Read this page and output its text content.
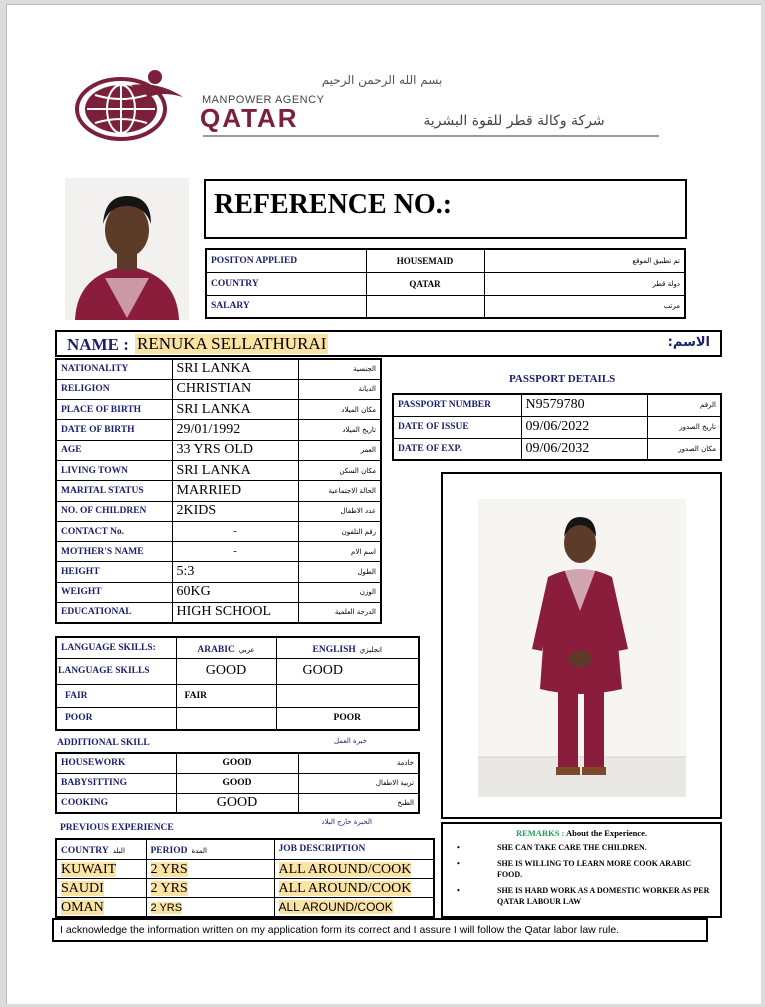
بسم الله الرحمن الرحيم
MANPOWER AGENCY
QATAR	شركة وكالة قطر للقوة البشرية
REFERENCE NO.:
POSITON APPLIED	HOUSEMAID	تم تطبيق الموقع
COUNTRY	QATAR	دولة قطر
SALARY		مرتب
NAME : RENUKA SELLATHURAI	الاسم:
NATIONALITY	SRI LANKA	الجنسية
RELIGION	CHRISTIAN	الديانة
PLACE OF BIRTH	SRI LANKA	مكان الميلاد
DATE OF BIRTH	29/01/1992	تاريخ الميلاد
AGE	33 YRS OLD	العمر
LIVING TOWN	SRI LANKA	مكان السكن
MARITAL STATUS	MARRIED	الحالة الاجتماعية
NO. OF CHILDREN	2KIDS	عدد الاطفال
CONTACT No.	-	رقم التلفون
MOTHER'S NAME	-	اسم الام
HEIGHT	5:3	الطول
WEIGHT	60KG	الوزن
EDUCATIONAL	HIGH SCHOOL	الدرجة العلمية
PASSPORT DETAILS
PASSPORT NUMBER	N9579780	الرقم
DATE OF ISSUE	09/06/2022	تاريخ الصدور
DATE OF EXP.	09/06/2032	مكان الصدور
LANGUAGE SKILLS:	ARABIC عربي	ENGLISH انجليزي
LANGUAGE SKILLS	GOOD	GOOD
FAIR	FAIR	
POOR		POOR
ADDITIONAL SKILL	خبرة العمل
HOUSEWORK	GOOD	خادمة
BABYSITTING	GOOD	تربية الاطفال
COOKING	GOOD	الطبخ
PREVIOUS EXPERIENCE
الخبرة خارج البلاد
COUNTRY البلد	PERIOD المدة	JOB DESCRIPTION
KUWAIT	2 YRS	ALL AROUND/COOK
SAUDI	2 YRS	ALL AROUND/COOK
OMAN	2 YRS	ALL AROUND/COOK
REMARKS : About the Experience.
•	SHE CAN TAKE CARE THE CHILDREN.
•	SHE IS WILLING TO LEARN MORE COOK ARABIC FOOD.
•	SHE IS HARD WORK AS A DOMESTIC WORKER AS PER QATAR LABOUR LAW
I acknowledge the information written on my application form its correct and I assure I will follow the Qatar labor law rule.
